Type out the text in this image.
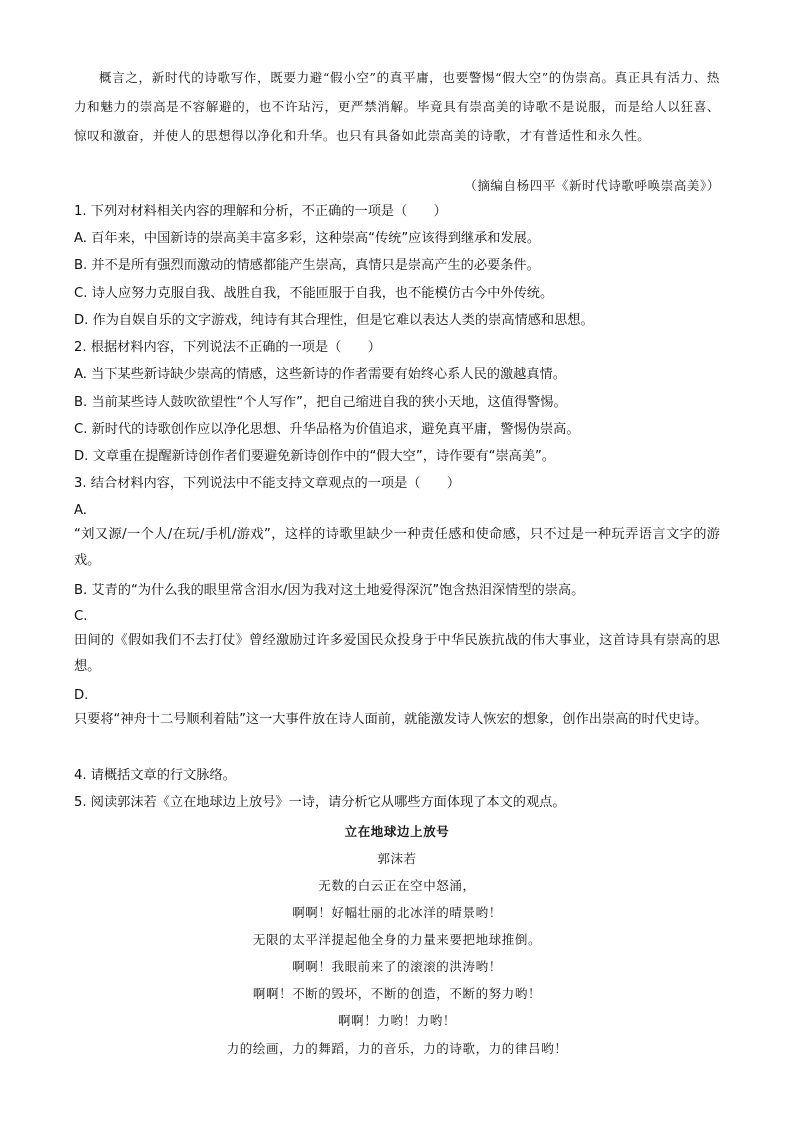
概言之，新时代的诗歌写作，既要力避“假小空”的真平庸，也要警惕“假大空”的伪崇高。真正具有活力、热力和魅力的崇高是不容解避的，也不许玷污，更严禁消解。毕竟具有崇高美的诗歌不是说服，而是给人以狂喜、惊叹和激奋，并使人的思想得以净化和升华。也只有具备如此崇高美的诗歌，才有普适性和永久性。
（摘编自杨四平《新时代诗歌呼唤崇高美》）
1. 下列对材料相关内容的理解和分析，不正确的一项是（　　）
A. 百年来，中国新诗的崇高美丰富多彩，这种崇高“传统”应该得到继承和发展。
B. 并不是所有强烈而激动的情感都能产生崇高，真情只是崇高产生的必要条件。
C. 诗人应努力克服自我、战胜自我，不能匝服于自我，也不能模仿古今中外传统。
D. 作为自娱自乐的文字游戏，纯诗有其合理性，但是它难以表达人类的崇高情感和思想。
2. 根据材料内容，下列说法不正确的一项是（　　）
A. 当下某些新诗缺少崇高的情感，这些新诗的作者需要有始终心系人民的激越真情。
B. 当前某些诗人鼓吹欲望性“个人写作”，把自己缩进自我的狭小天地，这值得警惕。
C. 新时代的诗歌创作应以净化思想、升华品格为价值追求，避免真平庸，警惕伪崇高。
D. 文章重在提醒新诗创作者们要避免新诗创作中的“假大空”，诗作要有“崇高美”。
3. 结合材料内容，下列说法中不能支持文章观点的一项是（　　）
A.
“刘又源/一个人/在玩/手机/游戏”，这样的诗歌里缺少一种责任感和使命感，只不过是一种玩弄语言文字的游戏。
B. 艾青的“为什么我的眼里常含泪水/因为我对这土地爱得深沉”饱含热泪深情型的崇高。
C.
田间的《假如我们不去打仗》曾经激励过许多爱国民众投身于中华民族抗战的伟大事业，这首诗具有崇高的思想。
D.
只要将“神舟十二号顺利着陆”这一大事件放在诗人面前，就能激发诗人恢宏的想象，创作出崇高的时代史诗。
4. 请概括文章的行文脉络。
5. 阅读郭沫若《立在地球边上放号》一诗，请分析它从哪些方面体现了本文的观点。
立在地球边上放号
郭沫若
无数的白云正在空中怒涌，
啊啊！好幅壮丽的北冰洋的晴景哟！
无限的太平洋提起他全身的力量来要把地球推倒。
啊啊！我眼前来了的滚滚的洪涛哟！
啊啊！不断的毁坏，不断的创造，不断的努力哟！
啊啊！力哟！力哟！
力的绘画，力的舞蹈，力的音乐，力的诗歌，力的律吕哟！
